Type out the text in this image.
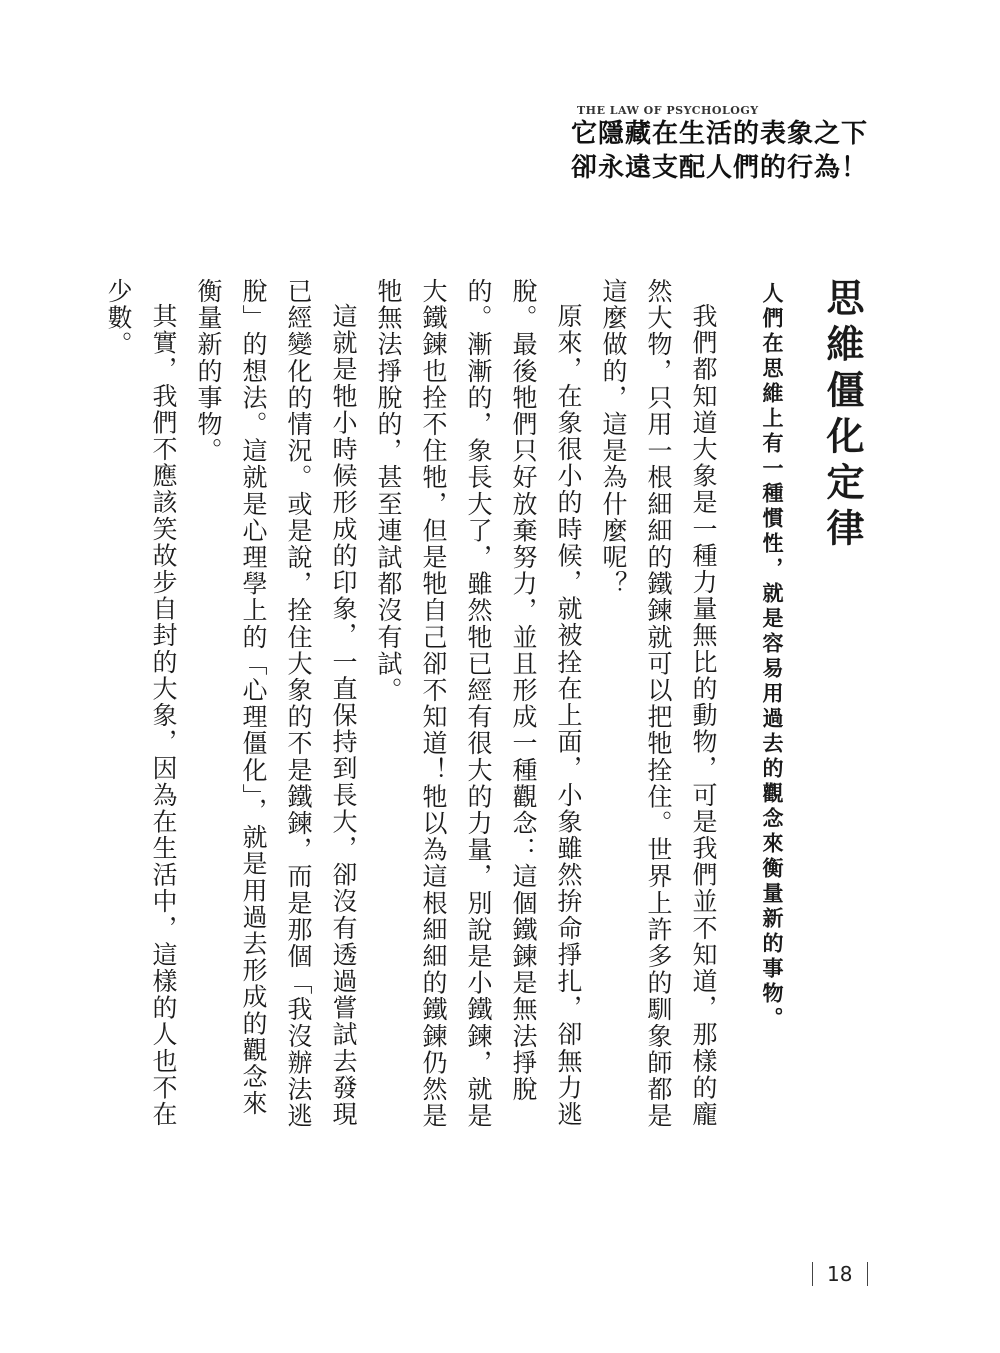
THE LAW OF PSYCHOLOGY
它隱藏在生活的表象之下
卻永遠支配人們的行為！
思維僵化定律
人們在思維上有一種慣性，就是容易用過去的觀念來衡量新的事物。

我們都知道大象是一種力量無比的動物，可是我們並不知道，那樣的龐然大物，只用一根細細的鐵鍊就可以把牠拴住。世界上許多的馴象師都是這麼做的，這是為什麼呢？

原來，在象很小的時候，就被拴在上面，小象雖然拚命掙扎，卻無力逃脫。最後牠們只好放棄努力，並且形成一種觀念：這個鐵鍊是無法掙脫的。漸漸的，象長大了，雖然牠已經有很大的力量，別說是小鐵鍊，就是大鐵鍊也拴不住牠，但是牠自己卻不知道！牠以為這根細細的鐵鍊仍然是牠無法掙脫的，甚至連試都沒有試。

這就是牠小時候形成的印象，一直保持到長大，卻沒有透過嘗試去發現已經變化的情況。或是說，拴住大象的不是鐵鍊，而是那個「我沒辦法逃脫」的想法。這就是心理學上的「心理僵化」，就是用過去形成的觀念來衡量新的事物。

其實，我們不應該笑故步自封的大象，因為在生活中，這樣的人也不在少數。

18
